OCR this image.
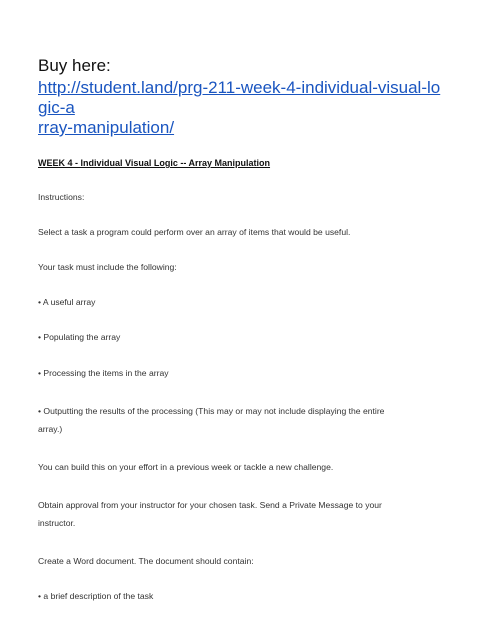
Buy here:

http://student.land/prg-211-week-4-individual-visual-logic-a
rray-manipulation/

WEEK 4 - Individual Visual Logic -- Array Manipulation

Instructions:

Select a task a program could perform over an array of items that would be useful.

Your task must include the following:

• A useful array

• Populating the array

• Processing the items in the array

• Outputting the results of the processing (This may or may not include displaying the entire
array.)

You can build this on your effort in a previous week or tackle a new challenge.

Obtain approval from your instructor for your chosen task. Send a Private Message to your
instructor.

Create a Word document. The document should contain:

• a brief description of the task
